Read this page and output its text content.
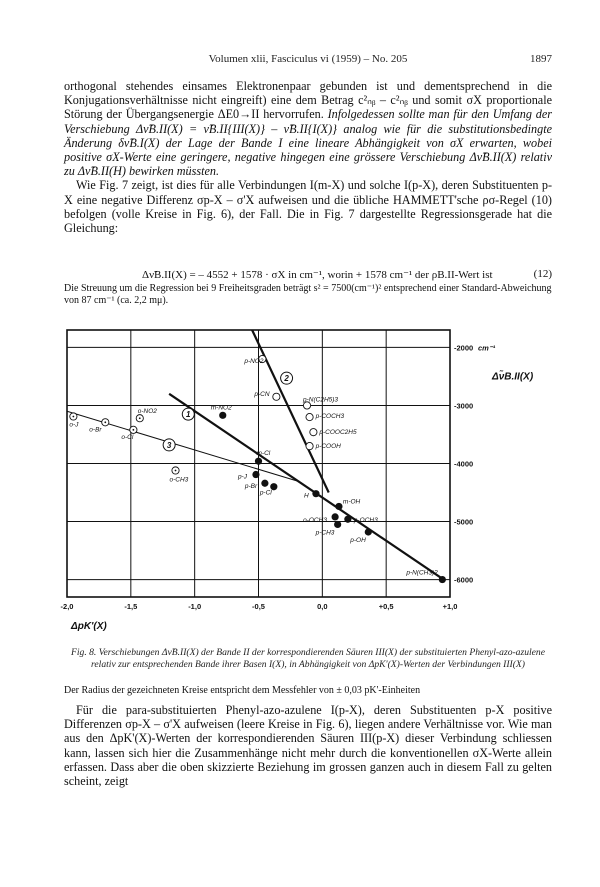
Volumen xlii, Fasciculus vi (1959) – No. 205	1897

orthogonal stehendes einsames Elektronenpaar gebunden ist und dementsprechend in die Konjugationsverhältnisse nicht eingreift) eine dem Betrag c²ₙᵦ – c²ₙᵦ und somit σX proportionale Störung der Übergangsenergie ΔE0→II hervorrufen. Infolgedessen sollte man für den Umfang der Verschiebung Δν̃B.II(X) = ν̃B.II{III(X)} – ν̃B.II{I(X)} analog wie für die substitutionsbedingte Änderung δν̃B.I(X) der Lage der Bande I eine lineare Abhängigkeit von σX erwarten, wobei positive σX-Werte eine geringere, negative hingegen eine grössere Verschiebung Δν̃B.II(X) relativ zu Δν̃B.II(H) bewirken müssten.

Wie Fig. 7 zeigt, ist dies für alle Verbindungen I(m-X) und solche I(p-X), deren Substituenten p-X eine negative Differenz σp-X – σ'X aufweisen und die übliche HAMMETT'sche ρσ-Regel (10) befolgen (volle Kreise in Fig. 6), der Fall. Die in Fig. 7 dargestellte Regressionsgerade hat die Gleichung:

Δν̃B.II(X) = – 4552 + 1578 · σX in cm⁻¹, worin + 1578 cm⁻¹ der ρB.II-Wert ist	(12)
Die Streuung um die Regression bei 9 Freiheitsgraden beträgt s² = 7500(cm⁻¹)² entsprechend einer Standard-Abweichung von 87 cm⁻¹ (ca. 2,2 mμ).
-2,0	-1,5	-1,0	-0,5	0,0	+0,5	+1,0
-2000
-3000
-4000
-5000
-6000
cm⁻¹
Δν̃B.II(X)
ΔpK'(X)
1
2
3
p-NO2
p-CN
p-N(C2H5)3
p-COCH3
p-COOC2H5
p-COOH
m-NO2
m-Cl
p-J
p-Br
p-Cl	H
m-OH
o-OCH3	p-OCH3
p-CH3
p-OH
p-N(CH3)2
o-J
o-Br
o-NO2
o-Cl
o-CH3
Fig. 8. Verschiebungen Δν̃B.II(X) der Bande II der korrespondierenden Säuren III(X) der substituierten Phenyl-azo-azulene relativ zur entsprechenden Bande ihrer Basen I(X), in Abhängigkeit von ΔpK'(X)-Werten der Verbindungen III(X)
Der Radius der gezeichneten Kreise entspricht dem Messfehler von ± 0,03 pK'-Einheiten

Für die para-substituierten Phenyl-azo-azulene I(p-X), deren Substituenten p-X positive Differenzen σp-X – σ'X aufweisen (leere Kreise in Fig. 6), liegen andere Verhältnisse vor. Wie man aus den ΔpK'(X)-Werten der korrespondierenden Säuren III(p-X) dieser Verbindung schliessen kann, lassen sich hier die Zusammenhänge nicht mehr durch die konventionellen σX-Werte allein erfassen. Dass aber die oben skizzierte Beziehung im grossen ganzen auch in diesem Fall zu gelten scheint, zeigt
